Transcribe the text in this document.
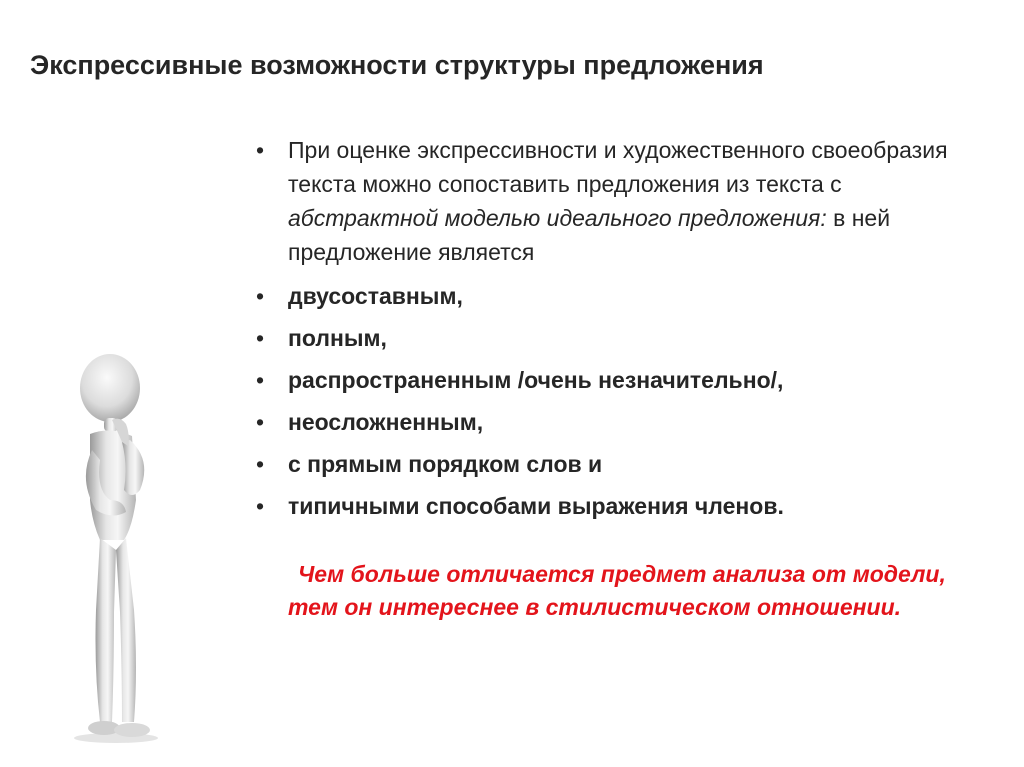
Экспрессивные возможности структуры предложения
•	При оценке экспрессивности и художественного своеобразия текста можно сопоставить предложения из текста с абстрактной моделью идеального предложения: в ней предложение является
•	двусоставным,
•	полным,
•	распространенным /очень незначительно/,
•	неосложненным,
•	с прямым порядком слов и
•	типичными способами выражения членов.
Чем больше отличается предмет анализа от модели, тем он интереснее в стилистическом отношении.
